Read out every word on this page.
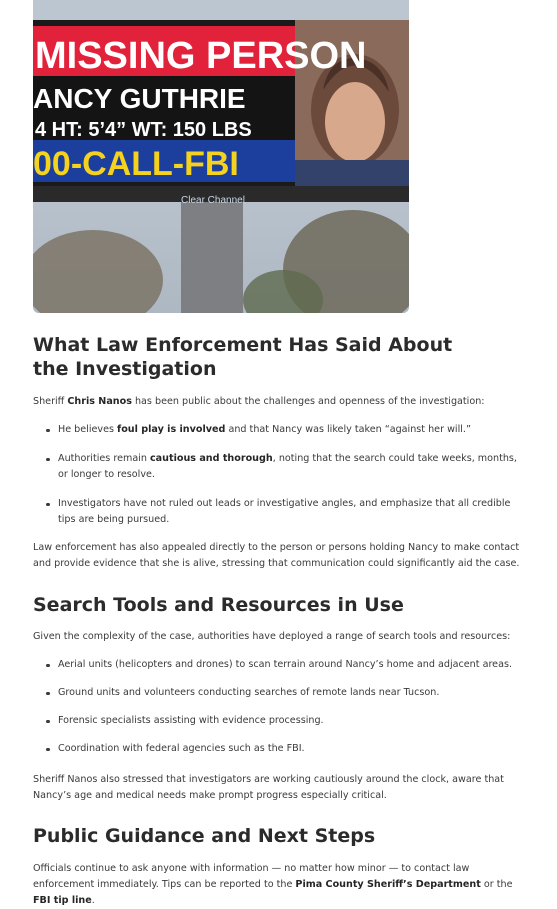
MISSING PERSON
ANCY GUTHRIE
4 HT: 5’4” WT: 150 LBS
00-CALL-FBI
Clear Channel
What Law Enforcement Has Said About the Investigation

Sheriff Chris Nanos has been public about the challenges and openness of the investigation:

He believes foul play is involved and that Nancy was likely taken “against her will.”
Authorities remain cautious and thorough, noting that the search could take weeks, months, or longer to resolve.
Investigators have not ruled out leads or investigative angles, and emphasize that all credible tips are being pursued.

Law enforcement has also appealed directly to the person or persons holding Nancy to make contact and provide evidence that she is alive, stressing that communication could significantly aid the case.

Search Tools and Resources in Use

Given the complexity of the case, authorities have deployed a range of search tools and resources:

Aerial units (helicopters and drones) to scan terrain around Nancy’s home and adjacent areas.
Ground units and volunteers conducting searches of remote lands near Tucson.
Forensic specialists assisting with evidence processing.
Coordination with federal agencies such as the FBI.

Sheriff Nanos also stressed that investigators are working cautiously around the clock, aware that Nancy’s age and medical needs make prompt progress especially critical.

Public Guidance and Next Steps

Officials continue to ask anyone with information — no matter how minor — to contact law enforcement immediately. Tips can be reported to the Pima County Sheriff’s Department or the FBI tip line.
